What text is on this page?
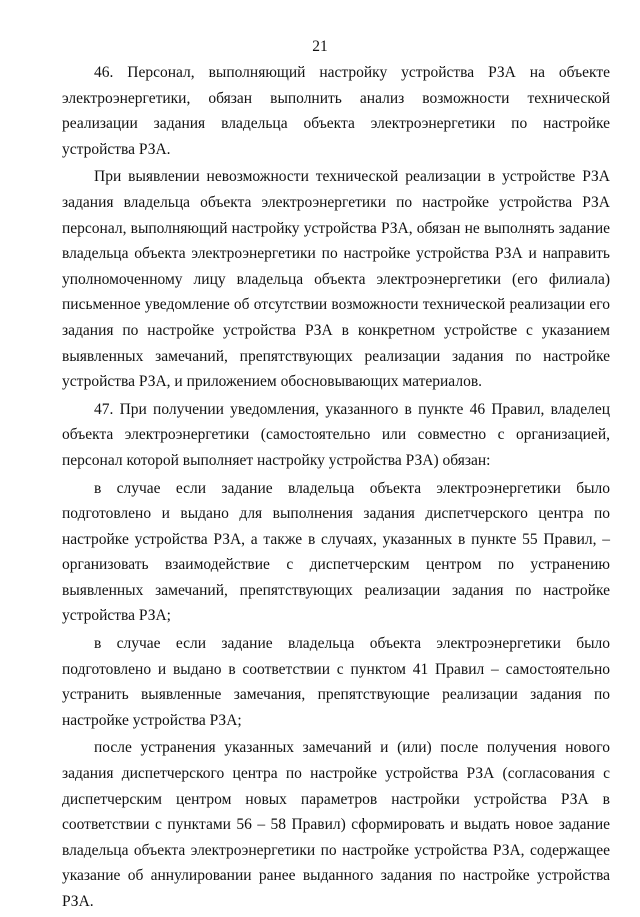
21

46. Персонал, выполняющий настройку устройства РЗА на объекте электроэнергетики, обязан выполнить анализ возможности технической реализации задания владельца объекта электроэнергетики по настройке устройства РЗА.

При выявлении невозможности технической реализации в устройстве РЗА задания владельца объекта электроэнергетики по настройке устройства РЗА персонал, выполняющий настройку устройства РЗА, обязан не выполнять задание владельца объекта электроэнергетики по настройке устройства РЗА и направить уполномоченному лицу владельца объекта электроэнергетики (его филиала) письменное уведомление об отсутствии возможности технической реализации его задания по настройке устройства РЗА в конкретном устройстве с указанием выявленных замечаний, препятствующих реализации задания по настройке устройства РЗА, и приложением обосновывающих материалов.

47. При получении уведомления, указанного в пункте 46 Правил, владелец объекта электроэнергетики (самостоятельно или совместно с организацией, персонал которой выполняет настройку устройства РЗА) обязан:

в случае если задание владельца объекта электроэнергетики было подготовлено и выдано для выполнения задания диспетчерского центра по настройке устройства РЗА, а также в случаях, указанных в пункте 55 Правил, – организовать взаимодействие с диспетчерским центром по устранению выявленных замечаний, препятствующих реализации задания по настройке устройства РЗА;

в случае если задание владельца объекта электроэнергетики было подготовлено и выдано в соответствии с пунктом 41 Правил – самостоятельно устранить выявленные замечания, препятствующие реализации задания по настройке устройства РЗА;

после устранения указанных замечаний и (или) после получения нового задания диспетчерского центра по настройке устройства РЗА (согласования с диспетчерским центром новых параметров настройки устройства РЗА в соответствии с пунктами 56 – 58 Правил) сформировать и выдать новое задание владельца объекта электроэнергетики по настройке устройства РЗА, содержащее указание об аннулировании ранее выданного задания по настройке устройства РЗА.
